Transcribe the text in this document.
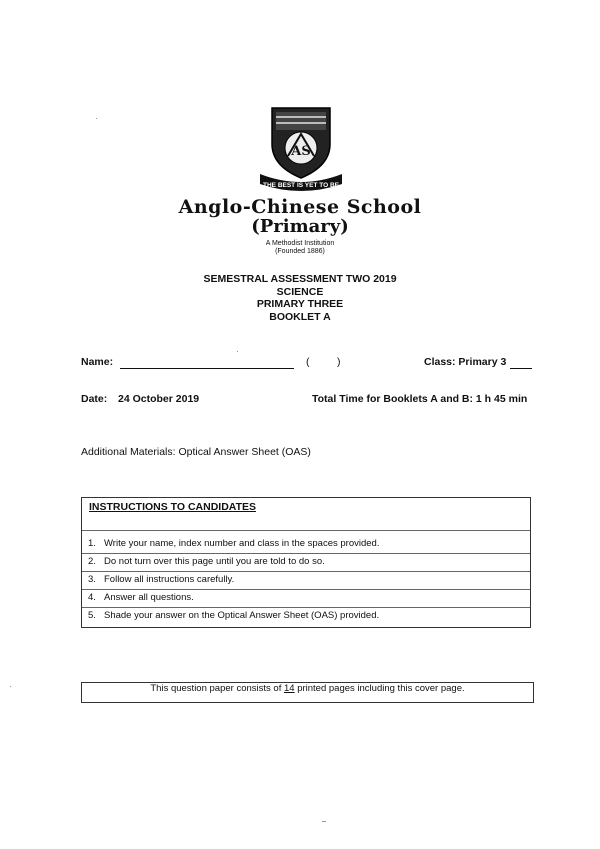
AS
THE BEST IS YET TO BE
Anglo-Chinese School
(Primary)
A Methodist Institution
(Founded 1886)
SEMESTRAL ASSESSMENT TWO 2019
SCIENCE
PRIMARY THREE
BOOKLET A
Name:	(	)	Class: Primary 3
Date: 24 October 2019	Total Time for Booklets A and B: 1 h 45 min
Additional Materials: Optical Answer Sheet (OAS)
INSTRUCTIONS TO CANDIDATES
1. Write your name, index number and class in the spaces provided.
2. Do not turn over this page until you are told to do so.
3. Follow all instructions carefully.
4. Answer all questions.
5. Shade your answer on the Optical Answer Sheet (OAS) provided.
This question paper consists of 14 printed pages including this cover page.
